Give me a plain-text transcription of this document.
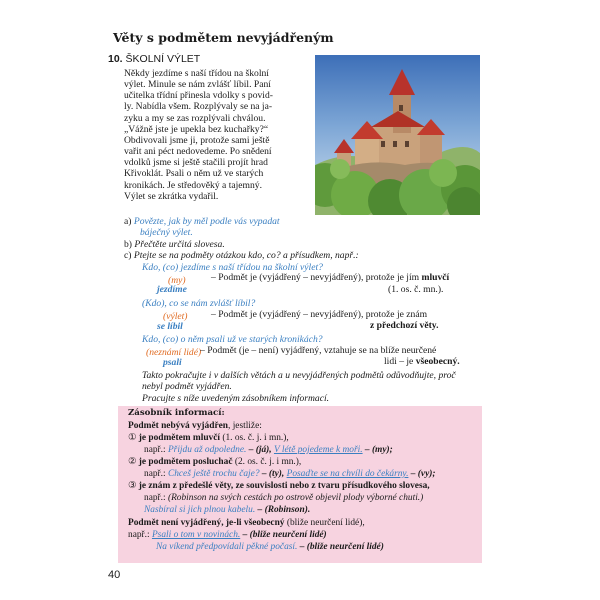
Věty s podmětem nevyjádřeným
10. ŠKOLNÍ VÝLET
Někdy jezdíme s naší třídou na školní
výlet. Minule se nám zvlášť líbil. Paní
učitelka třídní přinesla vdolky s povid-
ly. Nabídla všem. Rozplývaly se na ja-
zyku a my se zas rozplývali chválou.
„Vážně jste je upekla bez kuchařky?“
Obdivovali jsme ji, protože sami ještě
vařit ani péct nedovedeme. Po snědení
vdolků jsme si ještě stačili projít hrad
Křivoklát. Psali o něm už ve starých
kronikách. Je středověký a tajemný.
Výlet se zkrátka vydařil.
a) Povězte, jak by měl podle vás vypadat
báječný výlet.
b) Přečtěte určitá slovesa.
c) Ptejte se na podměty otázkou kdo, co? a přísudkem, např.:
Kdo, (co) jezdíme s naší třídou na školní výlet?
(my)	– Podmět je (vyjádřený – nevyjádřený), protože je jím mluvčí
jezdíme	(1. os. č. mn.).
(Kdo), co se nám zvlášť líbil?
(výlet) – Podmět je (vyjádřený – nevyjádřený), protože je znám
se líbil	z předchozí věty.
Kdo, (co) o něm psali už ve starých kronikách?
(neznámí lidé)
– Podmět (je – není) vyjádřený, vztahuje se na blíže neurčené
psali	lidi – je všeobecný.
Takto pokračujte i v dalších větách a u nevyjádřených podmětů odůvodňujte, proč
nebyl podmět vyjádřen.
Pracujte s níže uvedeným zásobníkem informací.
Zásobník informací:
Podmět nebývá vyjádřen, jestliže:
① je podmětem mluvčí (1. os. č. j. i mn.),
např.: Přijdu až odpoledne. – (já), V létě pojedeme k moři. – (my);
② je podmětem posluchač (2. os. č. j. i mn.),
např.: Chceš ještě trochu čaje? – (ty), Posaďte se na chvíli do čekárny. – (vy);
③ je znám z předešlé věty, ze souvislosti nebo z tvaru přísudkového slovesa,
např.: (Robinson na svých cestách po ostrově objevil plody výborné chuti.)
Nasbíral si jich plnou kabelu. – (Robinson).
Podmět není vyjádřený, je-li všeobecný (bliže neurčení lidé),
např.: Psali o tom v novinách. – (bliže neurčení lidé)
Na víkend předpovídali pěkné počasí. – (bliže neurčení lidé)
40
